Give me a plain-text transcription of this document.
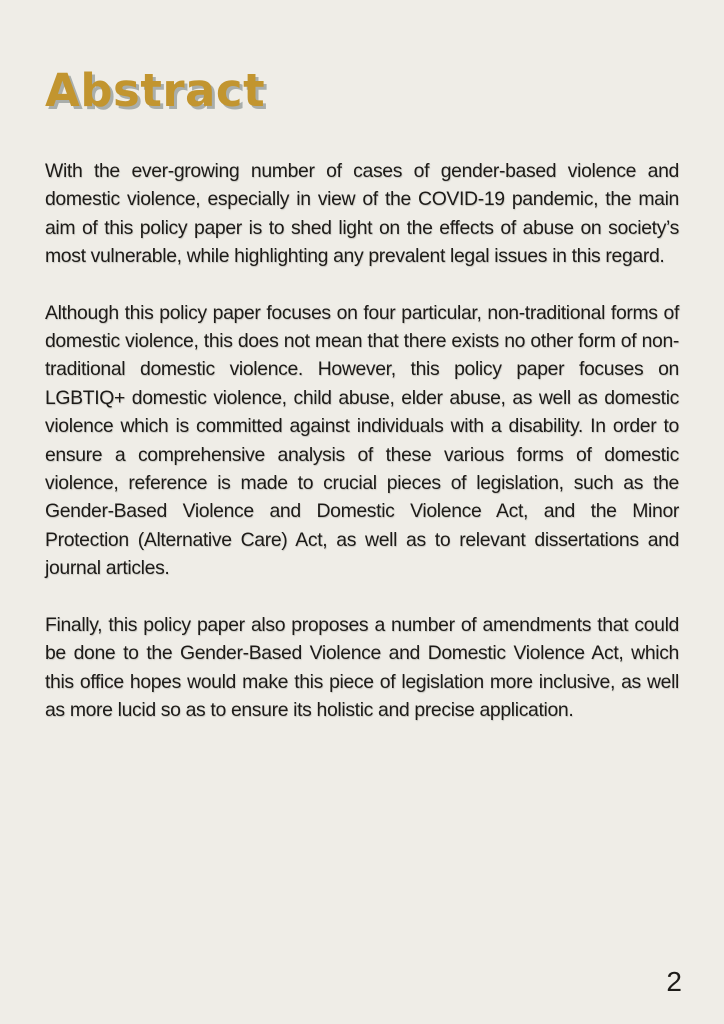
Abstract

With the ever-growing number of cases of gender-based violence and domestic violence, especially in view of the COVID-19 pandemic, the main aim of this policy paper is to shed light on the effects of abuse on society’s most vulnerable, while highlighting any prevalent legal issues in this regard.

Although this policy paper focuses on four particular, non-traditional forms of domestic violence, this does not mean that there exists no other form of non-traditional domestic violence. However, this policy paper focuses on LGBTIQ+ domestic violence, child abuse, elder abuse, as well as domestic violence which is committed against individuals with a disability. In order to ensure a comprehensive analysis of these various forms of domestic violence, reference is made to crucial pieces of legislation, such as the Gender-Based Violence and Domestic Violence Act, and the Minor Protection (Alternative Care) Act, as well as to relevant dissertations and journal articles.

Finally, this policy paper also proposes a number of amendments that could be done to the Gender-Based Violence and Domestic Violence Act, which this office hopes would make this piece of legislation more inclusive, as well as more lucid so as to ensure its holistic and precise application.

2
